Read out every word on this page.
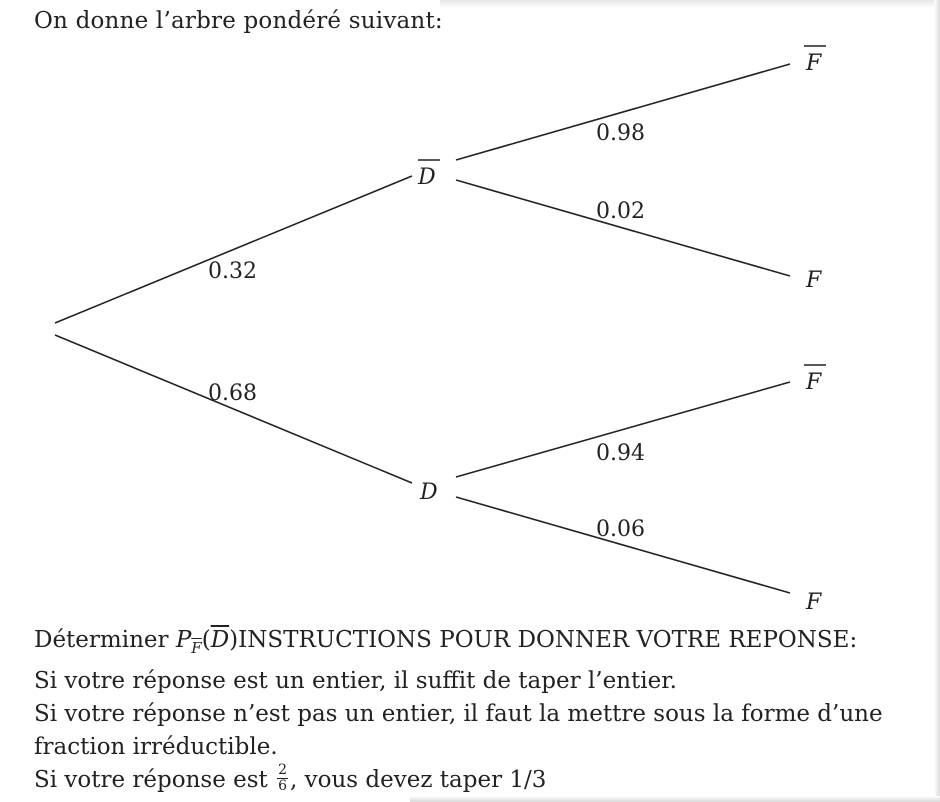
On donne l’arbre pondéré suivant:
0.32
0.68
0.98
0.02
0.94
0.06
D
D
F
F
F
F

Déterminer $P_{\overline{F}}(\overline{D})INSTRUCTIONS$ POUR DONNER VOTRE REPONSE:

Si votre réponse est un entier, il suffit de taper l’entier.

Si votre réponse n’est pas un entier, il faut la mettre sous la forme d’une

fraction irréductible.

Si votre réponse est $\frac{2}{6}$ , vous devez taper 1/3
